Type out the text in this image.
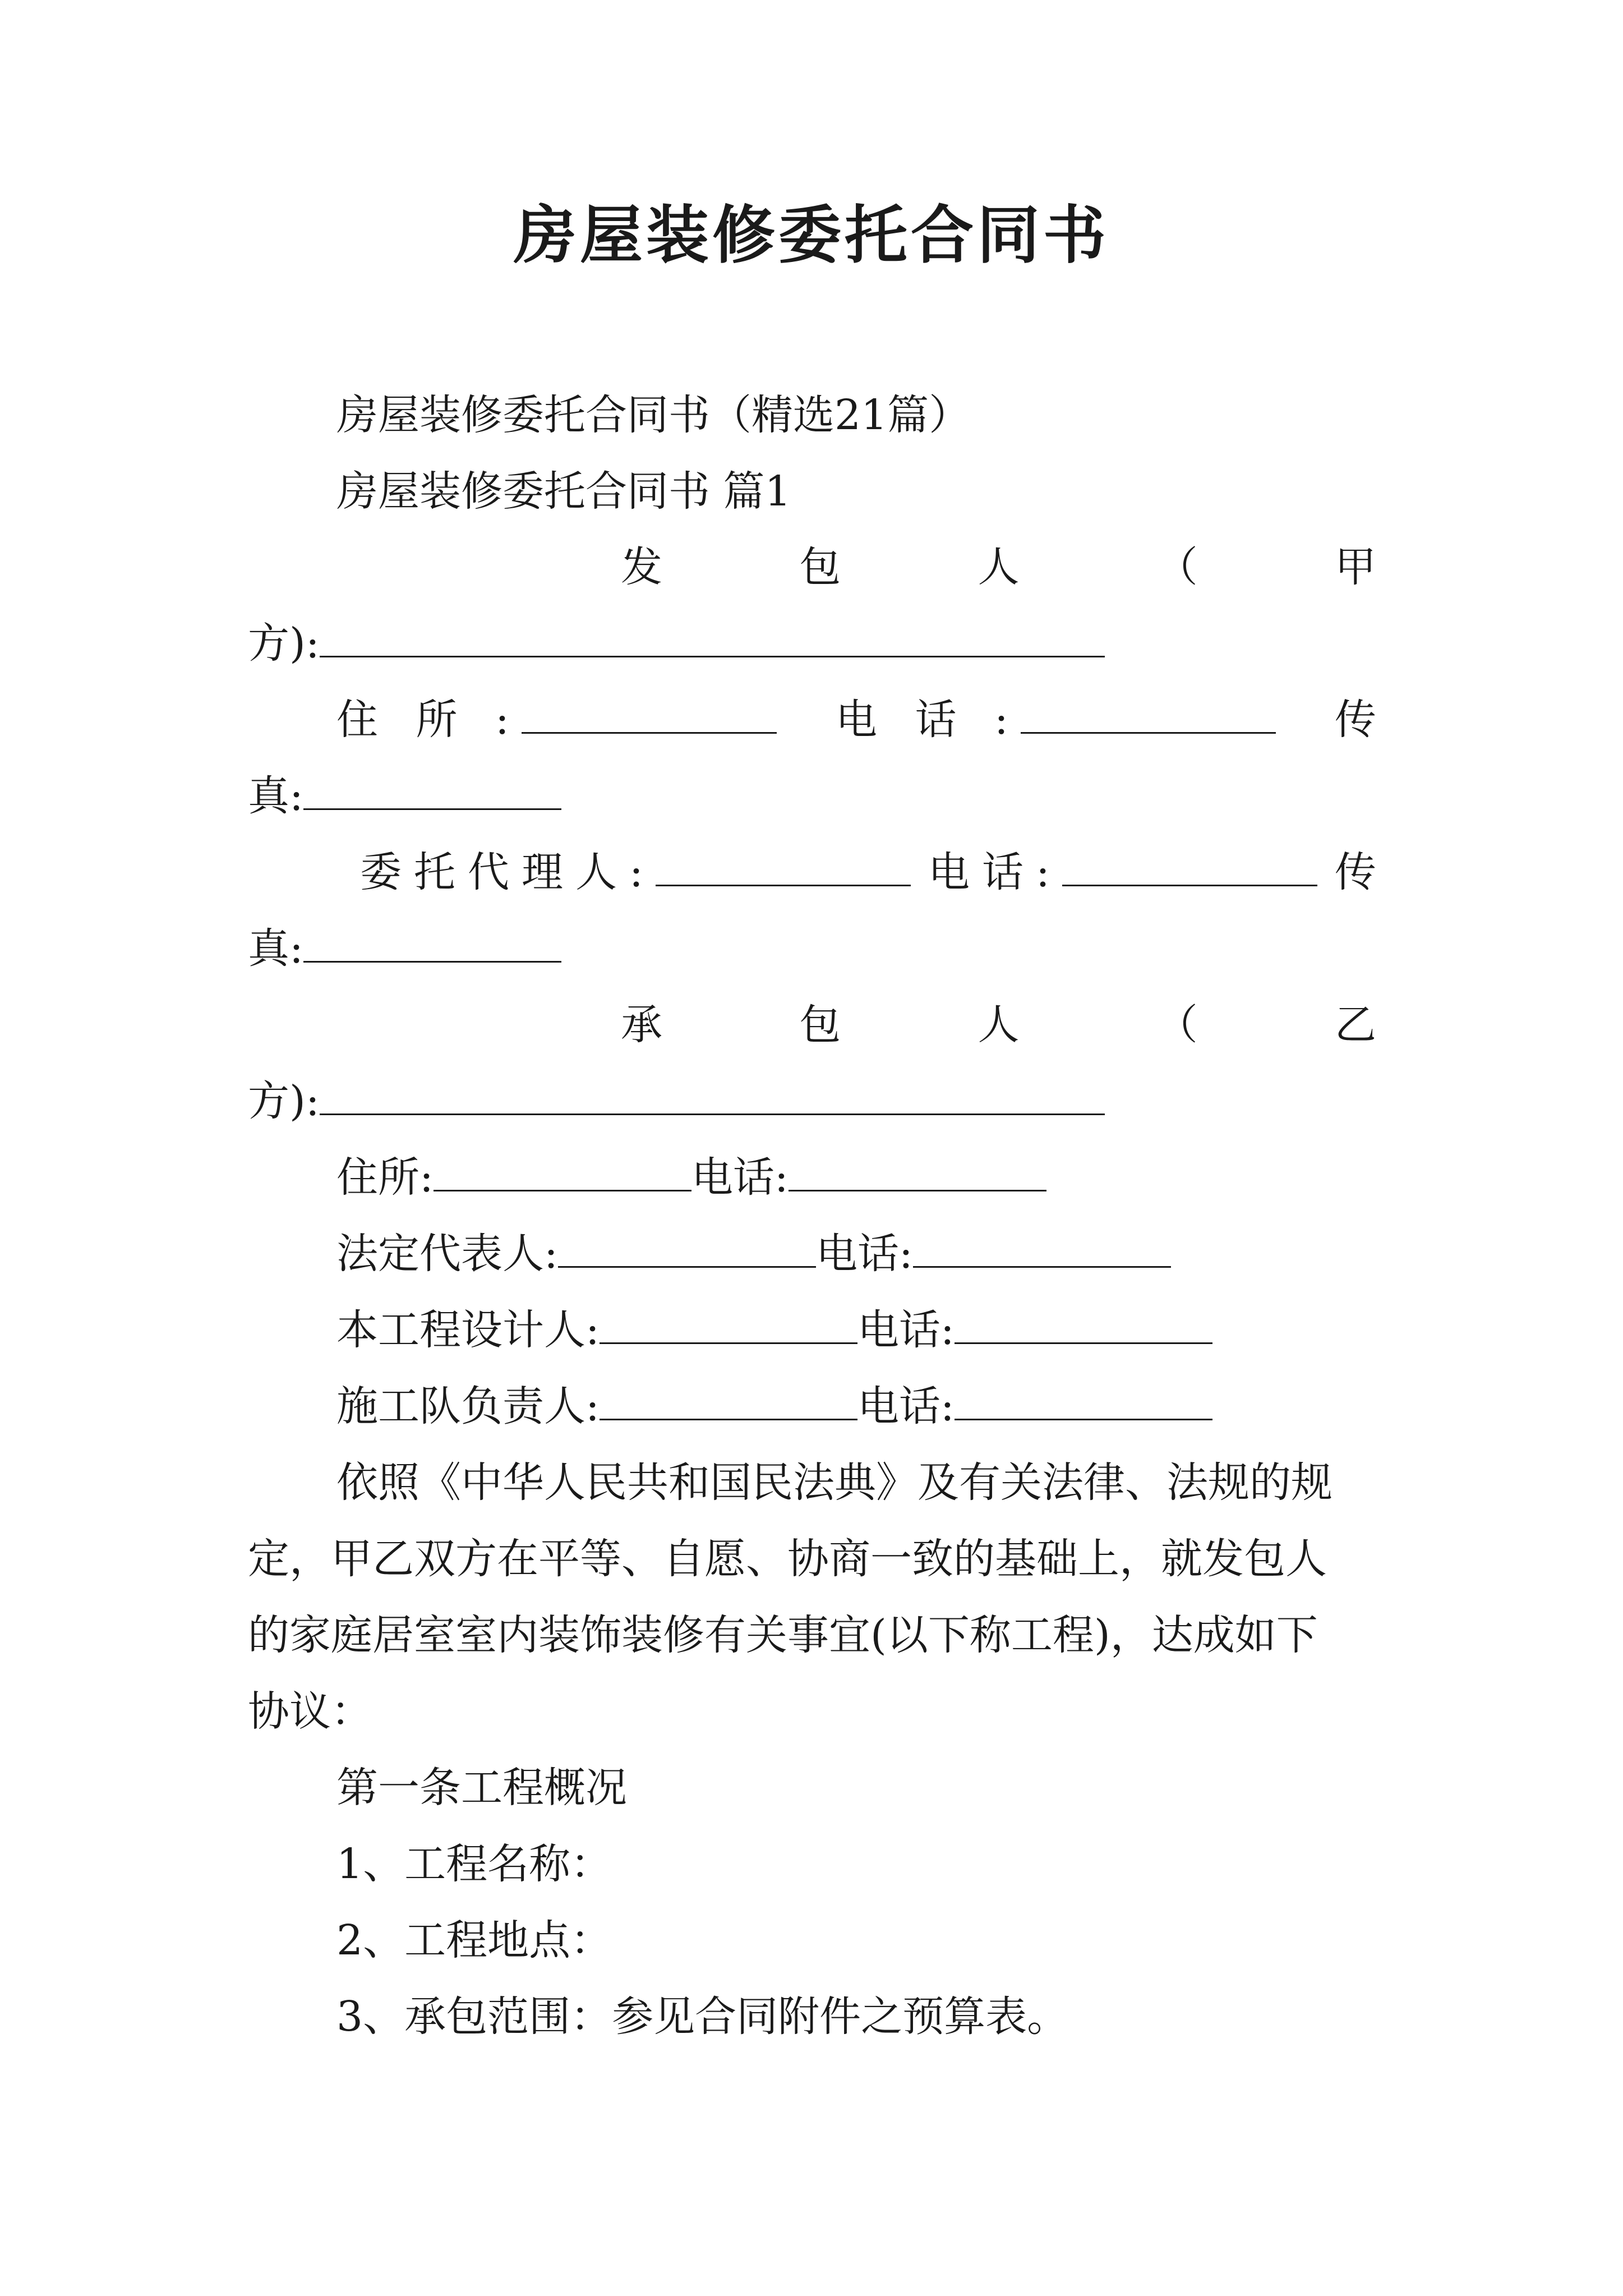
房屋装修委托合同书
房屋装修委托合同书（精选21篇）
房屋装修委托合同书 篇1
发	包	人	（	甲
方):
住 所 :	电 话 :	传
真:
委托代理人:	电话:	传
真:
承	包	人	（	乙
方):
住所:	电话:
法定代表人:	电话:
本工程设计人:	电话:
施工队负责人:	电话:
依照《中华人民共和国民法典》及有关法律、法规的规
定，甲乙双方在平等、自愿、协商一致的基础上，就发包人
的家庭居室室内装饰装修有关事宜(以下称工程)，达成如下
协议：
第一条工程概况
1、工程名称：
2、工程地点：
3、承包范围：参见合同附件之预算表。
